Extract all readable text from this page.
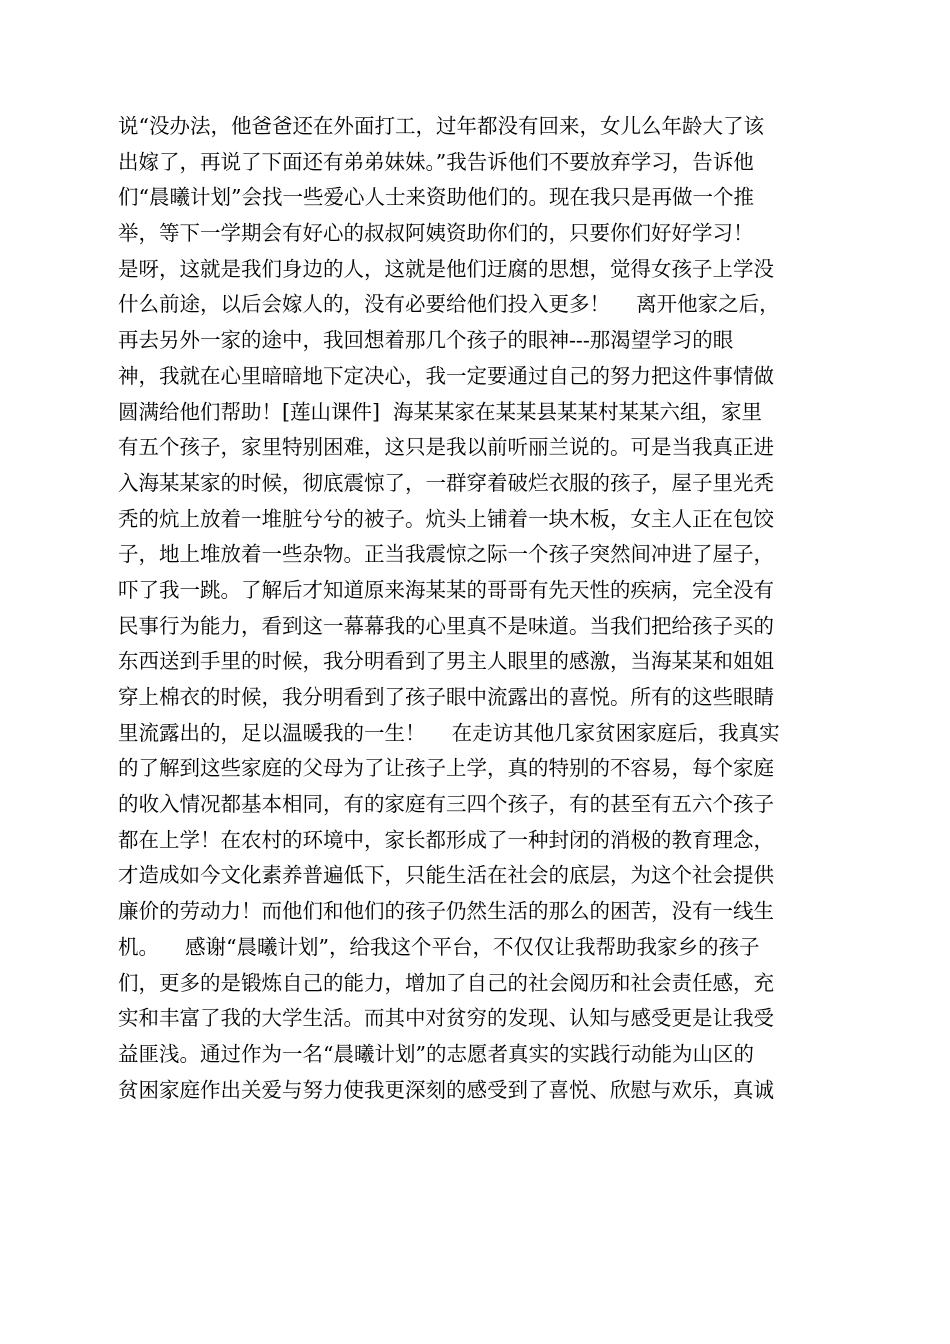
说“没办法，他爸爸还在外面打工，过年都没有回来，女儿么年龄大了该
出嫁了，再说了下面还有弟弟妹妹。”我告诉他们不要放弃学习，告诉他
们“晨曦计划”会找一些爱心人士来资助他们的。现在我只是再做一个推
举，等下一学期会有好心的叔叔阿姨资助你们的，只要你们好好学习！
是呀，这就是我们身边的人，这就是他们迂腐的思想，觉得女孩子上学没
什么前途，以后会嫁人的，没有必要给他们投入更多！    离开他家之后，
再去另外一家的途中，我回想着那几个孩子的眼神---那渴望学习的眼
神，我就在心里暗暗地下定决心，我一定要通过自己的努力把这件事情做
圆满给他们帮助！[莲山课件]  海某某家在某某县某某村某某六组，家里
有五个孩子，家里特别困难，这只是我以前听丽兰说的。可是当我真正进
入海某某家的时候，彻底震惊了，一群穿着破烂衣服的孩子，屋子里光秃
秃的炕上放着一堆脏兮兮的被子。炕头上铺着一块木板，女主人正在包饺
子，地上堆放着一些杂物。正当我震惊之际一个孩子突然间冲进了屋子，
吓了我一跳。了解后才知道原来海某某的哥哥有先天性的疾病，完全没有
民事行为能力，看到这一幕幕我的心里真不是味道。当我们把给孩子买的
东西送到手里的时候，我分明看到了男主人眼里的感激，当海某某和姐姐
穿上棉衣的时候，我分明看到了孩子眼中流露出的喜悦。所有的这些眼睛
里流露出的，足以温暖我的一生！    在走访其他几家贫困家庭后，我真实
的了解到这些家庭的父母为了让孩子上学，真的特别的不容易，每个家庭
的收入情况都基本相同，有的家庭有三四个孩子，有的甚至有五六个孩子
都在上学！在农村的环境中，家长都形成了一种封闭的消极的教育理念，
才造成如今文化素养普遍低下，只能生活在社会的底层，为这个社会提供
廉价的劳动力！而他们和他们的孩子仍然生活的那么的困苦，没有一线生
机。    感谢“晨曦计划”，给我这个平台，不仅仅让我帮助我家乡的孩子
们，更多的是锻炼自己的能力，增加了自己的社会阅历和社会责任感，充
实和丰富了我的大学生活。而其中对贫穷的发现、认知与感受更是让我受
益匪浅。通过作为一名“晨曦计划”的志愿者真实的实践行动能为山区的
贫困家庭作出关爱与努力使我更深刻的感受到了喜悦、欣慰与欢乐，真诚
